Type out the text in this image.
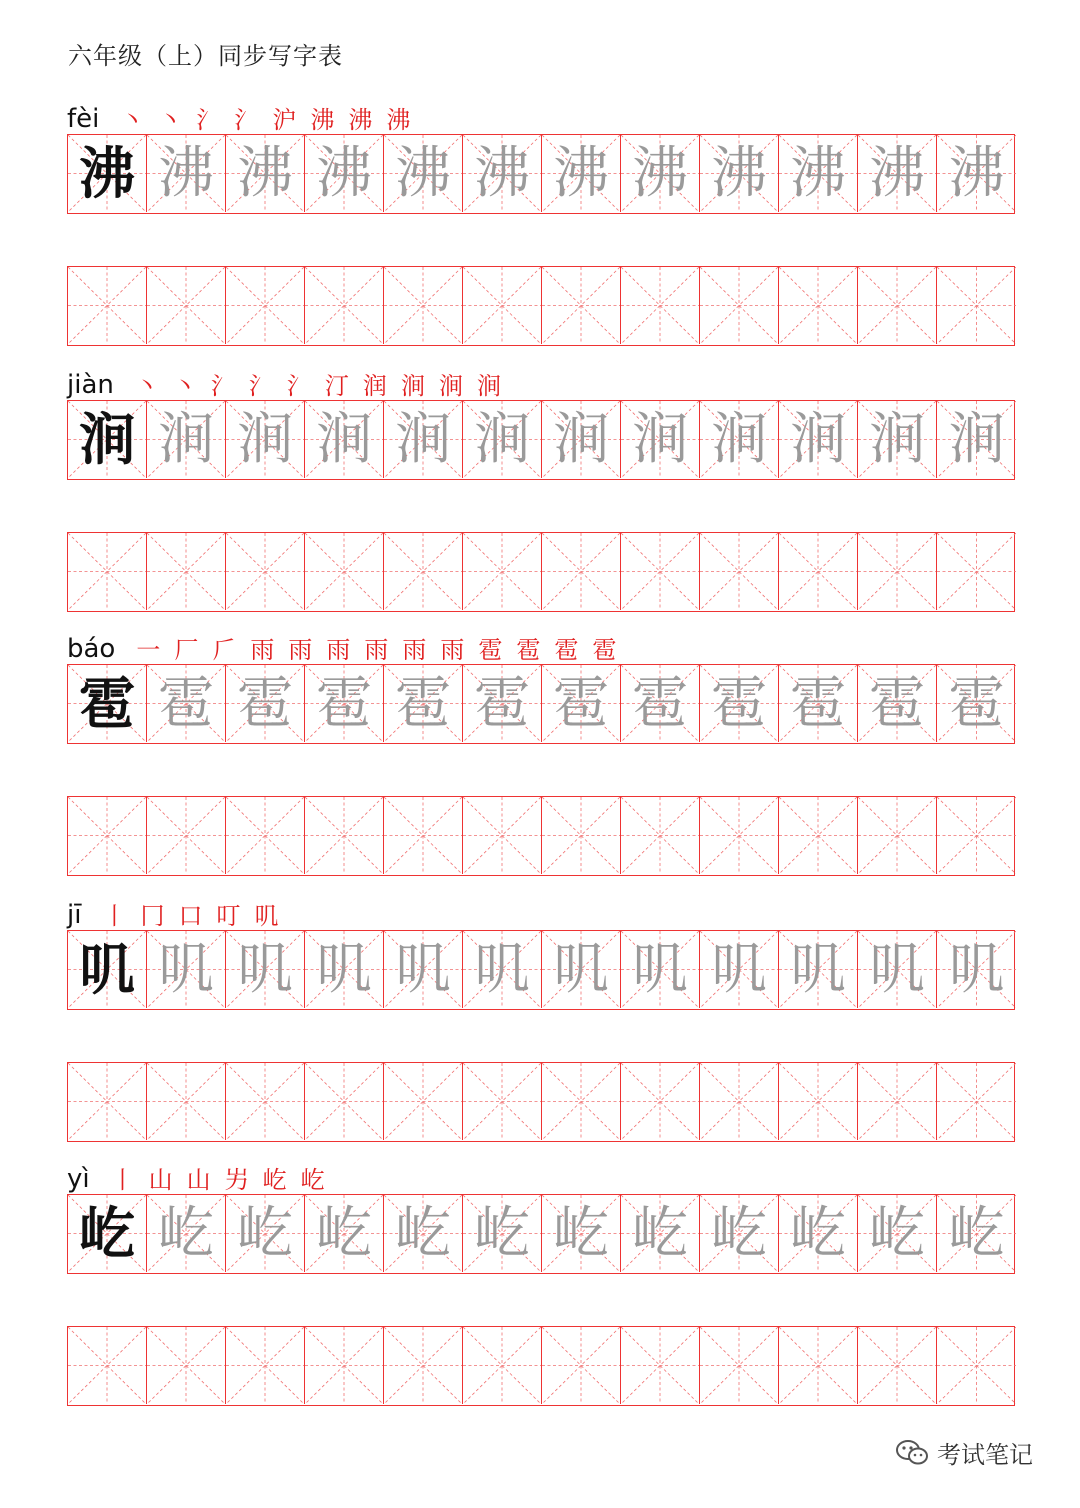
六年级（上）同步写字表
fèi 丶 丶 氵 氵 沪 沸 沸 沸
沸 沸 沸 沸 沸 沸 沸 沸 沸 沸 沸 沸
jiàn 丶 丶 氵 氵 氵 汀 润 涧 涧 涧
涧 涧 涧 涧 涧 涧 涧 涧 涧 涧 涧 涧
báo 一 厂 𠂆 雨 雨 雨 雨 雨 雨 雹 雹 雹 雹
雹 雹 雹 雹 雹 雹 雹 雹 雹 雹 雹 雹
jī 丨 冂 口 叮 叽
叽 叽 叽 叽 叽 叽 叽 叽 叽 叽 叽 叽
yì 丨 山 山 屴 屹 屹
屹 屹 屹 屹 屹 屹 屹 屹 屹 屹 屹 屹
考试笔记
